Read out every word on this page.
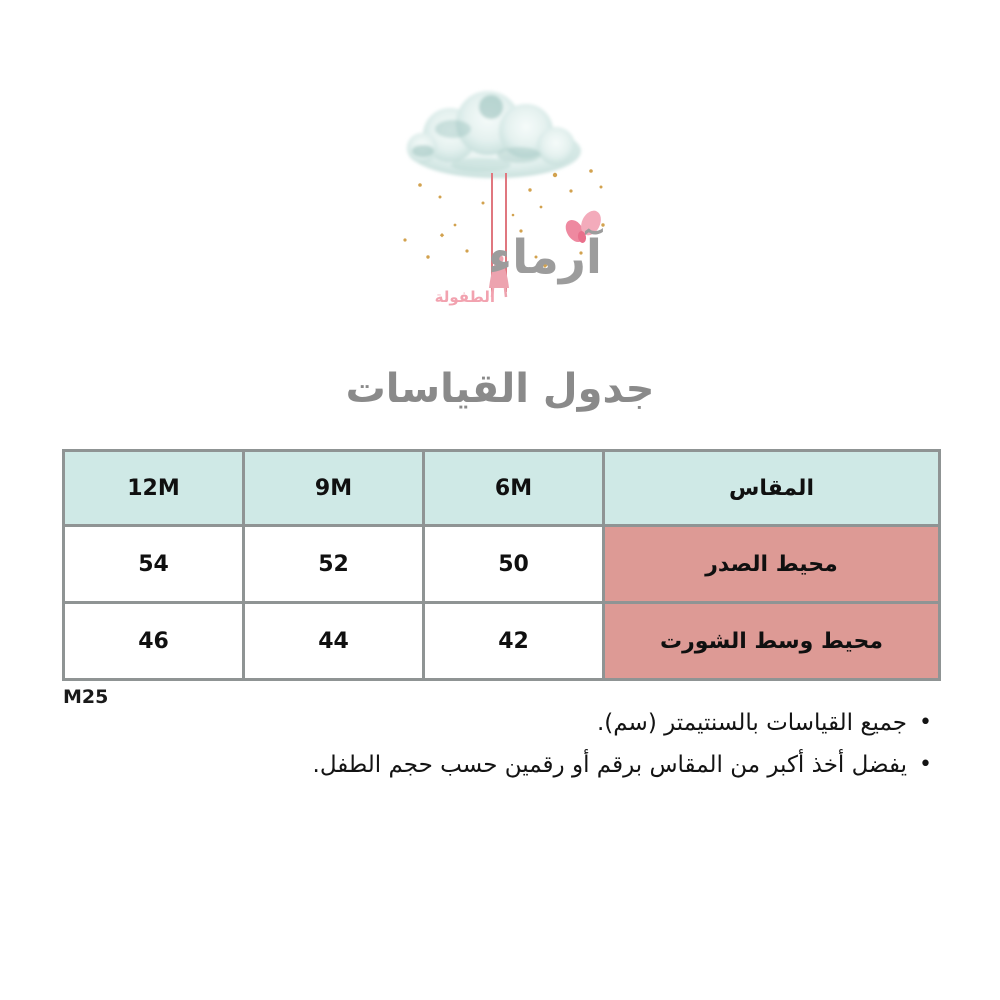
آرماء
الطفولة
جدول القياسات
المقاس	6M	9M	12M
محيط الصدر	50	52	54
محيط وسط الشورت	42	44	46
M25
•جميع القياسات بالسنتيمتر (سم).
•يفضل أخذ أكبر من المقاس برقم أو رقمين حسب حجم الطفل.
